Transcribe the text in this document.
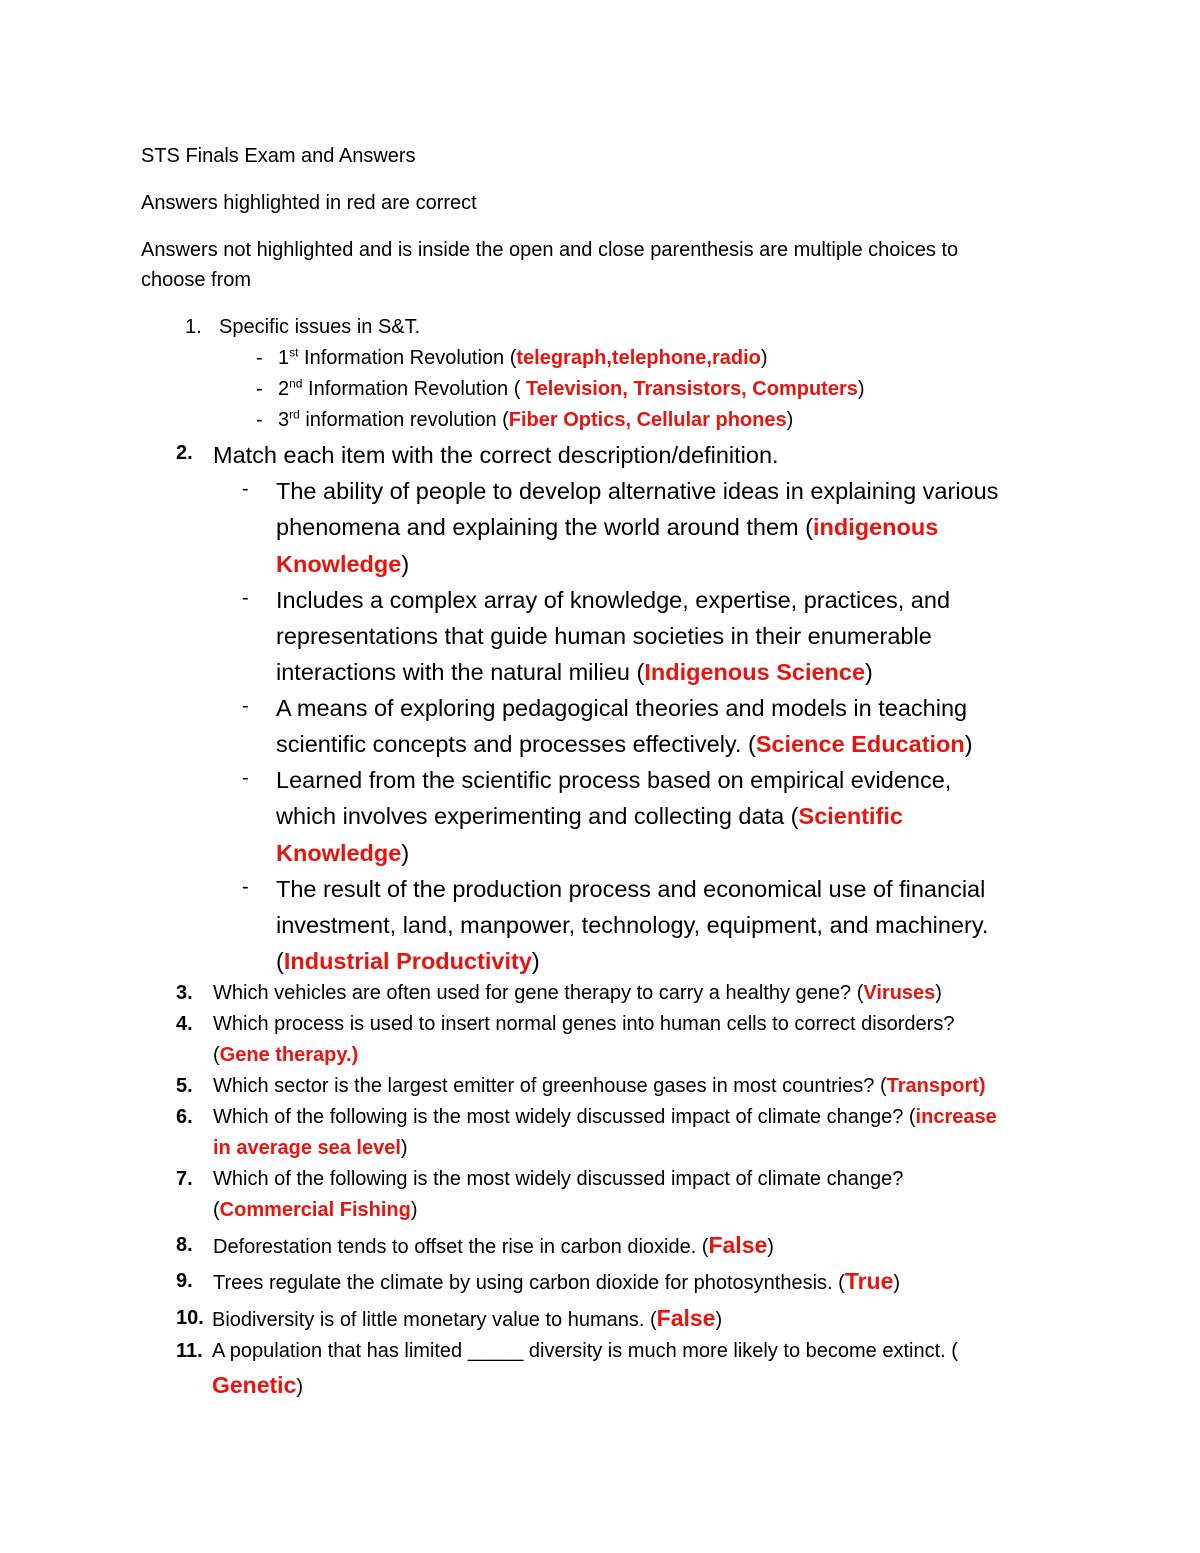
STS Finals Exam and Answers
Answers highlighted in red are correct
Answers not highlighted and is inside the open and close parenthesis are multiple choices to
choose from
1. Specific issues in S&T.
- 1st Information Revolution (telegraph,telephone,radio)
- 2nd Information Revolution ( Television, Transistors, Computers)
- 3rd information revolution (Fiber Optics, Cellular phones)
2. Match each item with the correct description/definition.
- The ability of people to develop alternative ideas in explaining various
phenomena and explaining the world around them (indigenous
Knowledge)
- Includes a complex array of knowledge, expertise, practices, and
representations that guide human societies in their enumerable
interactions with the natural milieu (Indigenous Science)
- A means of exploring pedagogical theories and models in teaching
scientific concepts and processes effectively. (Science Education)
- Learned from the scientific process based on empirical evidence,
which involves experimenting and collecting data (Scientific
Knowledge)
- The result of the production process and economical use of financial
investment, land, manpower, technology, equipment, and machinery.
(Industrial Productivity)
3. Which vehicles are often used for gene therapy to carry a healthy gene? (Viruses)
4. Which process is used to insert normal genes into human cells to correct disorders?
(Gene therapy.)
5. Which sector is the largest emitter of greenhouse gases in most countries? (Transport)
6. Which of the following is the most widely discussed impact of climate change? (increase
in average sea level)
7. Which of the following is the most widely discussed impact of climate change?
(Commercial Fishing)
8. Deforestation tends to offset the rise in carbon dioxide. (False)
9. Trees regulate the climate by using carbon dioxide for photosynthesis. (True)
10. Biodiversity is of little monetary value to humans. (False)
11. A population that has limited _____ diversity is much more likely to become extinct. (
Genetic)
